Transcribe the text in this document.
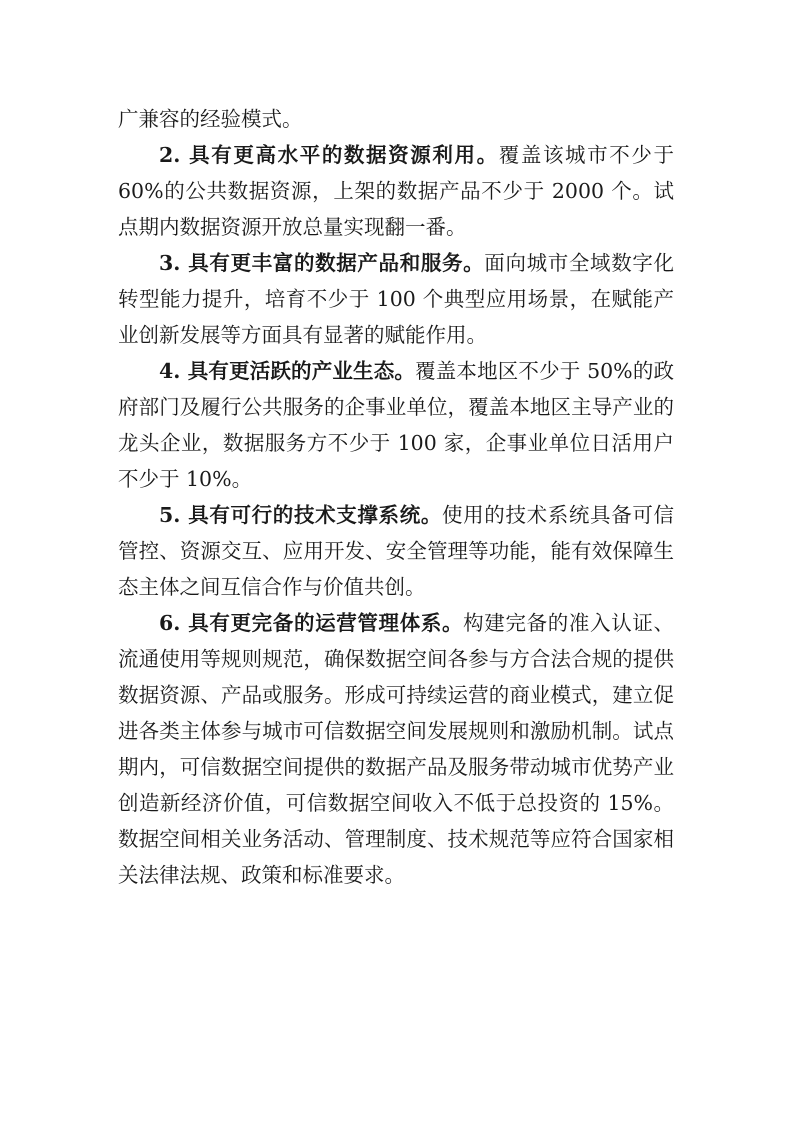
广兼容的经验模式。

2. 具有更高水平的数据资源利用。覆盖该城市不少于 60%的公共数据资源，上架的数据产品不少于 2000 个。试点期内数据资源开放总量实现翻一番。

3. 具有更丰富的数据产品和服务。面向城市全域数字化转型能力提升，培育不少于 100 个典型应用场景，在赋能产业创新发展等方面具有显著的赋能作用。

4. 具有更活跃的产业生态。覆盖本地区不少于 50%的政府部门及履行公共服务的企事业单位，覆盖本地区主导产业的龙头企业，数据服务方不少于 100 家，企事业单位日活用户不少于 10%。

5. 具有可行的技术支撑系统。使用的技术系统具备可信管控、资源交互、应用开发、安全管理等功能，能有效保障生态主体之间互信合作与价值共创。

6. 具有更完备的运营管理体系。构建完备的准入认证、流通使用等规则规范，确保数据空间各参与方合法合规的提供数据资源、产品或服务。形成可持续运营的商业模式，建立促进各类主体参与城市可信数据空间发展规则和激励机制。试点期内，可信数据空间提供的数据产品及服务带动城市优势产业创造新经济价值，可信数据空间收入不低于总投资的 15%。数据空间相关业务活动、管理制度、技术规范等应符合国家相关法律法规、政策和标准要求。
